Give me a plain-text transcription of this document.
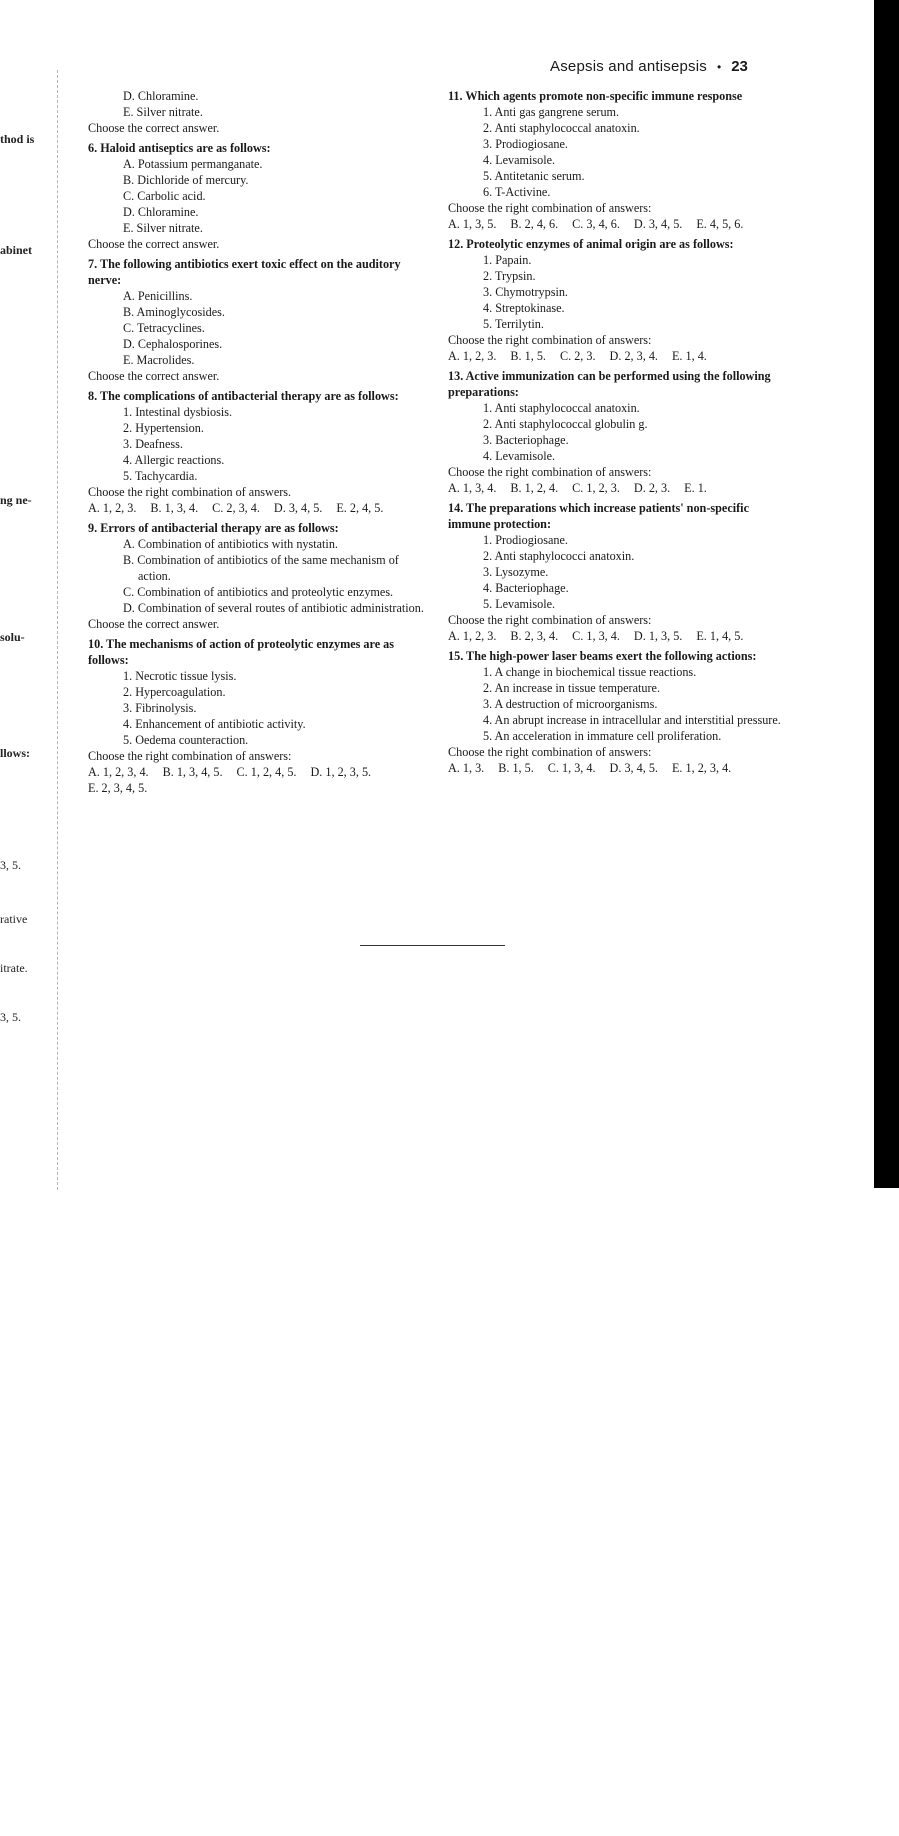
thod is
abinet
ng ne-
solu-
llows:
3, 5.
rative
itrate.
3, 5.
Asepsis and antisepsis • 23
D. Chloramine.
E. Silver nitrate.
Choose the correct answer.
6. Haloid antiseptics are as follows:
A. Potassium permanganate.
B. Dichloride of mercury.
C. Carbolic acid.
D. Chloramine.
E. Silver nitrate.
Choose the correct answer.
7. The following antibiotics exert toxic effect on the auditory nerve:
A. Penicillins.
B. Aminoglycosides.
C. Tetracyclines.
D. Cephalosporines.
E. Macrolides.
Choose the correct answer.
8. The complications of antibacterial therapy are as follows:
1. Intestinal dysbiosis.
2. Hypertension.
3. Deafness.
4. Allergic reactions.
5. Tachycardia.
Choose the right combination of answers.
A. 1, 2, 3. B. 1, 3, 4. C. 2, 3, 4. D. 3, 4, 5. E. 2, 4, 5.
9. Errors of antibacterial therapy are as follows:
A. Combination of antibiotics with nystatin.
B. Combination of antibiotics of the same mechanism of action.
C. Combination of antibiotics and proteolytic enzymes.
D. Combination of several routes of antibiotic administration.
Choose the correct answer.
10. The mechanisms of action of proteolytic enzymes are as follows:
1. Necrotic tissue lysis.
2. Hypercoagulation.
3. Fibrinolysis.
4. Enhancement of antibiotic activity.
5. Oedema counteraction.
Choose the right combination of answers:
A. 1, 2, 3, 4. B. 1, 3, 4, 5. C. 1, 2, 4, 5. D. 1, 2, 3, 5.
E. 2, 3, 4, 5.
11. Which agents promote non-specific immune response
1. Anti gas gangrene serum.
2. Anti staphylococcal anatoxin.
3. Prodiogiosane.
4. Levamisole.
5. Antitetanic serum.
6. T-Activine.
Choose the right combination of answers:
A. 1, 3, 5. B. 2, 4, 6. C. 3, 4, 6. D. 3, 4, 5. E. 4, 5, 6.
12. Proteolytic enzymes of animal origin are as follows:
1. Papain.
2. Trypsin.
3. Chymotrypsin.
4. Streptokinase.
5. Terrilytin.
Choose the right combination of answers:
A. 1, 2, 3. B. 1, 5. C. 2, 3. D. 2, 3, 4. E. 1, 4.
13. Active immunization can be performed using the following preparations:
1. Anti staphylococcal anatoxin.
2. Anti staphylococcal globulin g.
3. Bacteriophage.
4. Levamisole.
Choose the right combination of answers:
A. 1, 3, 4. B. 1, 2, 4. C. 1, 2, 3. D. 2, 3. E. 1.
14. The preparations which increase patients' non-specific immune protection:
1. Prodiogiosane.
2. Anti staphylococci anatoxin.
3. Lysozyme.
4. Bacteriophage.
5. Levamisole.
Choose the right combination of answers:
A. 1, 2, 3. B. 2, 3, 4. C. 1, 3, 4. D. 1, 3, 5. E. 1, 4, 5.
15. The high-power laser beams exert the following actions:
1. A change in biochemical tissue reactions.
2. An increase in tissue temperature.
3. A destruction of microorganisms.
4. An abrupt increase in intracellular and interstitial pressure.
5. An acceleration in immature cell proliferation.
Choose the right combination of answers:
A. 1, 3. B. 1, 5. C. 1, 3, 4. D. 3, 4, 5. E. 1, 2, 3, 4.
